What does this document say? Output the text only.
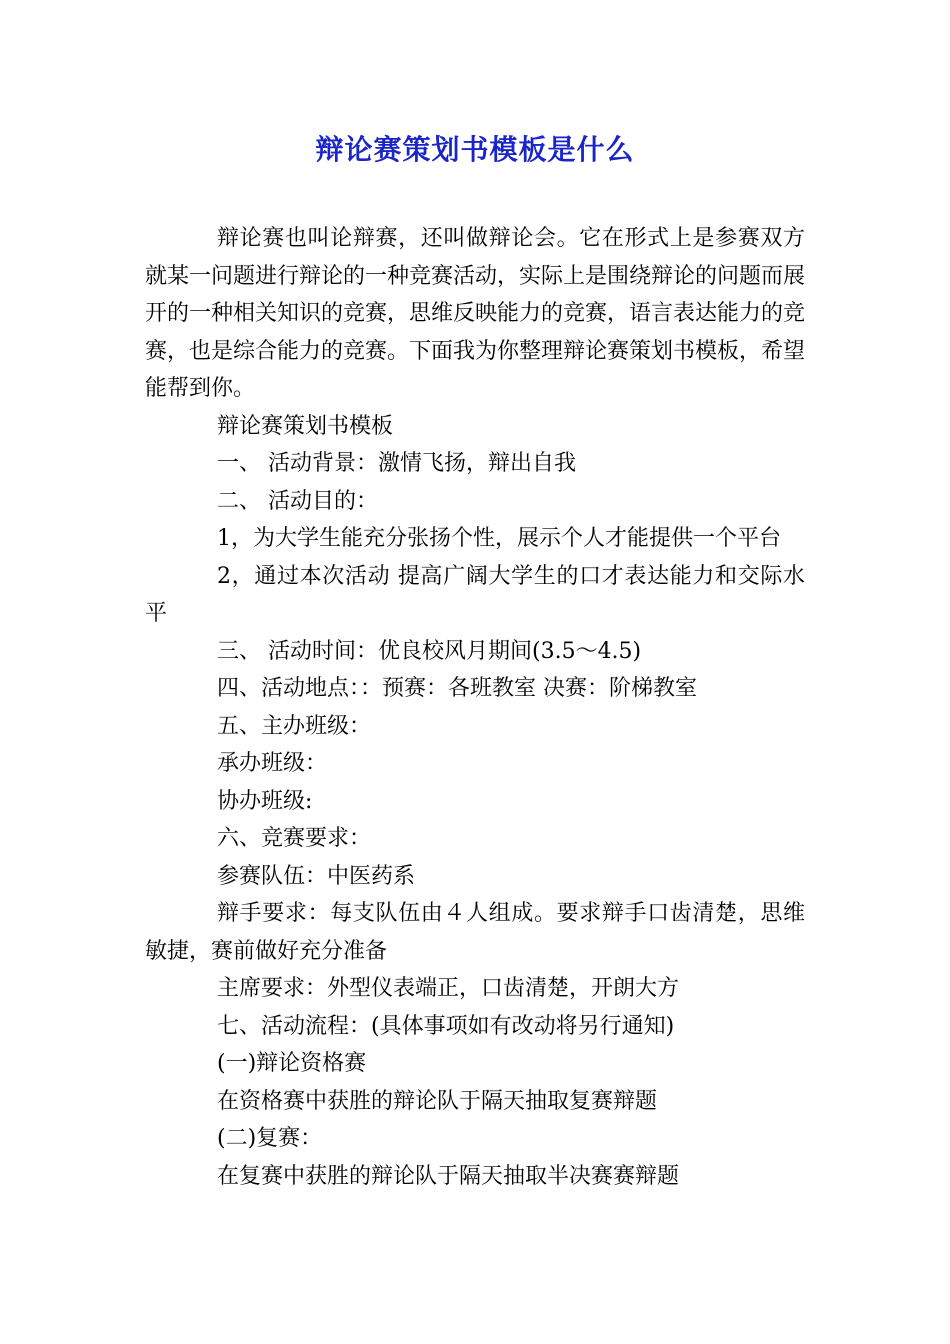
辩论赛策划书模板是什么

辩论赛也叫论辩赛，还叫做辩论会。它在形式上是参赛双方就某一问题进行辩论的一种竞赛活动，实际上是围绕辩论的问题而展开的一种相关知识的竞赛，思维反映能力的竞赛，语言表达能力的竞赛，也是综合能力的竞赛。下面我为你整理辩论赛策划书模板，希望能帮到你。

辩论赛策划书模板

一、 活动背景：激情飞扬，辩出自我

二、 活动目的：

1，为大学生能充分张扬个性，展示个人才能提供一个平台

2，通过本次活动 提高广阔大学生的口才表达能力和交际水平

三、 活动时间：优良校风月期间(3.5～4.5)

四、活动地点：：预赛：各班教室 决赛：阶梯教室

五、主办班级：

承办班级：

协办班级:

六、竞赛要求：

参赛队伍：中医药系

辩手要求：每支队伍由４人组成。要求辩手口齿清楚，思维敏捷，赛前做好充分准备

主席要求：外型仪表端正，口齿清楚，开朗大方

七、活动流程：(具体事项如有改动将另行通知)

(一)辩论资格赛

在资格赛中获胜的辩论队于隔天抽取复赛辩题

(二)复赛：

在复赛中获胜的辩论队于隔天抽取半决赛赛辩题
